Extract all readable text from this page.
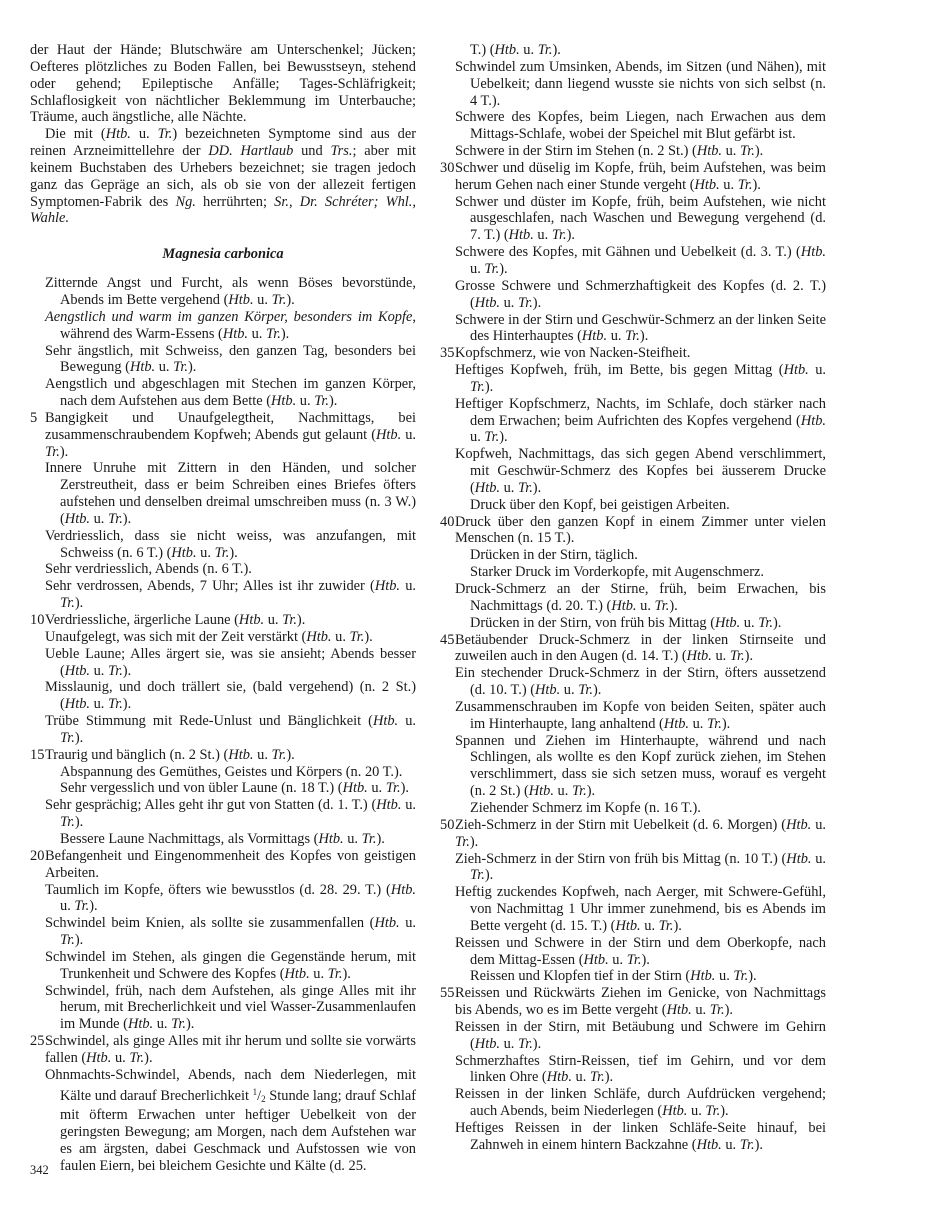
der Haut der Hände; Blutschwäre am Unterschenkel; Jücken; Oefteres plötzliches zu Boden Fallen, bei Bewusstseyn, stehend oder gehend; Epileptische Anfälle; Tages-Schläfrigkeit; Schlaflosigkeit von nächtlicher Beklemmung im Unterbauche; Träume, auch ängstliche, alle Nächte.

Die mit (Htb. u. Tr.) bezeichneten Symptome sind aus der reinen Arzneimittellehre der DD. Hartlaub und Trs.; aber mit keinem Buchstaben des Urhebers bezeichnet; sie tragen jedoch ganz das Gepräge an sich, als ob sie von der allezeit fertigen Symptomen-Fabrik des Ng. herrührten; Sr., Dr. Schréter; Whl., Wahle.

Magnesia carbonica

Zitternde Angst und Furcht, als wenn Böses bevorstünde, Abends im Bette vergehend (Htb. u. Tr.).

Aengstlich und warm im ganzen Körper, besonders im Kopfe, während des Warm-Essens (Htb. u. Tr.).

Sehr ängstlich, mit Schweiss, den ganzen Tag, besonders bei Bewegung (Htb. u. Tr.).

Aengstlich und abgeschlagen mit Stechen im ganzen Körper, nach dem Aufstehen aus dem Bette (Htb. u. Tr.).

5 Bangigkeit und Unaufgelegtheit, Nachmittags, bei zusammenschraubendem Kopfweh; Abends gut gelaunt (Htb. u. Tr.).

Innere Unruhe mit Zittern in den Händen, und solcher Zerstreutheit, dass er beim Schreiben eines Briefes öfters aufstehen und denselben dreimal umschreiben muss (n. 3 W.) (Htb. u. Tr.).

Verdriesslich, dass sie nicht weiss, was anzufangen, mit Schweiss (n. 6 T.) (Htb. u. Tr.).

Sehr verdriesslich, Abends (n. 6 T.).

Sehr verdrossen, Abends, 7 Uhr; Alles ist ihr zuwider (Htb. u. Tr.).

10Verdriessliche, ärgerliche Laune (Htb. u. Tr.).

Unaufgelegt, was sich mit der Zeit verstärkt (Htb. u. Tr.).

Ueble Laune; Alles ärgert sie, was sie ansieht; Abends besser (Htb. u. Tr.).

Misslaunig, und doch trällert sie, (bald vergehend) (n. 2 St.) (Htb. u. Tr.).

Trübe Stimmung mit Rede-Unlust und Bänglichkeit (Htb. u. Tr.).

15Traurig und bänglich (n. 2 St.) (Htb. u. Tr.).

Abspannung des Gemüthes, Geistes und Körpers (n. 20 T.).

Sehr vergesslich und von übler Laune (n. 18 T.) (Htb. u. Tr.).

Sehr gesprächig; Alles geht ihr gut von Statten (d. 1. T.) (Htb. u. Tr.).

Bessere Laune Nachmittags, als Vormittags (Htb. u. Tr.).

20Befangenheit und Eingenommenheit des Kopfes von geistigen Arbeiten.

Taumlich im Kopfe, öfters wie bewusstlos (d. 28. 29. T.) (Htb. u. Tr.).

Schwindel beim Knien, als sollte sie zusammenfallen (Htb. u. Tr.).

Schwindel im Stehen, als gingen die Gegenstände herum, mit Trunkenheit und Schwere des Kopfes (Htb. u. Tr.).

Schwindel, früh, nach dem Aufstehen, als ginge Alles mit ihr herum, mit Brecherlichkeit und viel Wasser-Zusammenlaufen im Munde (Htb. u. Tr.).

25Schwindel, als ginge Alles mit ihr herum und sollte sie vorwärts fallen (Htb. u. Tr.).

Ohnmachts-Schwindel, Abends, nach dem Niederlegen, mit Kälte und darauf Brecherlichkeit $^1/_2$ Stunde lang; drauf Schlaf mit öfterm Erwachen unter heftiger Uebelkeit von der geringsten Bewegung; am Morgen, nach dem Aufstehen war es am ärgsten, dabei Geschmack und Aufstossen wie von faulen Eiern, bei bleichem Gesichte und Kälte (d. 25.

T.) (Htb. u. Tr.).

Schwindel zum Umsinken, Abends, im Sitzen (und Nähen), mit Uebelkeit; dann liegend wusste sie nichts von sich selbst (n. 4 T.).

Schwere des Kopfes, beim Liegen, nach Erwachen aus dem Mittags-Schlafe, wobei der Speichel mit Blut gefärbt ist.

Schwere in der Stirn im Stehen (n. 2 St.) (Htb. u. Tr.).

30Schwer und düselig im Kopfe, früh, beim Aufstehen, was beim herum Gehen nach einer Stunde vergeht (Htb. u. Tr.).

Schwer und düster im Kopfe, früh, beim Aufstehen, wie nicht ausgeschlafen, nach Waschen und Bewegung vergehend (d. 7. T.) (Htb. u. Tr.).

Schwere des Kopfes, mit Gähnen und Uebelkeit (d. 3. T.) (Htb. u. Tr.).

Grosse Schwere und Schmerzhaftigkeit des Kopfes (d. 2. T.) (Htb. u. Tr.).

Schwere in der Stirn und Geschwür-Schmerz an der linken Seite des Hinterhauptes (Htb. u. Tr.).

35Kopfschmerz, wie von Nacken-Steifheit.

Heftiges Kopfweh, früh, im Bette, bis gegen Mittag (Htb. u. Tr.).

Heftiger Kopfschmerz, Nachts, im Schlafe, doch stärker nach dem Erwachen; beim Aufrichten des Kopfes vergehend (Htb. u. Tr.).

Kopfweh, Nachmittags, das sich gegen Abend verschlimmert, mit Geschwür-Schmerz des Kopfes bei äusserem Drucke (Htb. u. Tr.).

Druck über den Kopf, bei geistigen Arbeiten.

40Druck über den ganzen Kopf in einem Zimmer unter vielen Menschen (n. 15 T.).

Drücken in der Stirn, täglich.

Starker Druck im Vorderkopfe, mit Augenschmerz.

Druck-Schmerz an der Stirne, früh, beim Erwachen, bis Nachmittags (d. 20. T.) (Htb. u. Tr.).

Drücken in der Stirn, von früh bis Mittag (Htb. u. Tr.).

45Betäubender Druck-Schmerz in der linken Stirnseite und zuweilen auch in den Augen (d. 14. T.) (Htb. u. Tr.).

Ein stechender Druck-Schmerz in der Stirn, öfters aussetzend (d. 10. T.) (Htb. u. Tr.).

Zusammenschrauben im Kopfe von beiden Seiten, später auch im Hinterhaupte, lang anhaltend (Htb. u. Tr.).

Spannen und Ziehen im Hinterhaupte, während und nach Schlingen, als wollte es den Kopf zurück ziehen, im Stehen verschlimmert, dass sie sich setzen muss, worauf es vergeht (n. 2 St.) (Htb. u. Tr.).

Ziehender Schmerz im Kopfe (n. 16 T.).

50Zieh-Schmerz in der Stirn mit Uebelkeit (d. 6. Morgen) (Htb. u. Tr.).

Zieh-Schmerz in der Stirn von früh bis Mittag (n. 10 T.) (Htb. u. Tr.).

Heftig zuckendes Kopfweh, nach Aerger, mit Schwere-Gefühl, von Nachmittag 1 Uhr immer zunehmend, bis es Abends im Bette vergeht (d. 15. T.) (Htb. u. Tr.).

Reissen und Schwere in der Stirn und dem Oberkopfe, nach dem Mittag-Essen (Htb. u. Tr.).

Reissen und Klopfen tief in der Stirn (Htb. u. Tr.).

55Reissen und Rückwärts Ziehen im Genicke, von Nachmittags bis Abends, wo es im Bette vergeht (Htb. u. Tr.).

Reissen in der Stirn, mit Betäubung und Schwere im Gehirn (Htb. u. Tr.).

Schmerzhaftes Stirn-Reissen, tief im Gehirn, und vor dem linken Ohre (Htb. u. Tr.).

Reissen in der linken Schläfe, durch Aufdrücken vergehend; auch Abends, beim Niederlegen (Htb. u. Tr.).

Heftiges Reissen in der linken Schläfe-Seite hinauf, bei Zahnweh in einem hintern Backzahne (Htb. u. Tr.).

342
